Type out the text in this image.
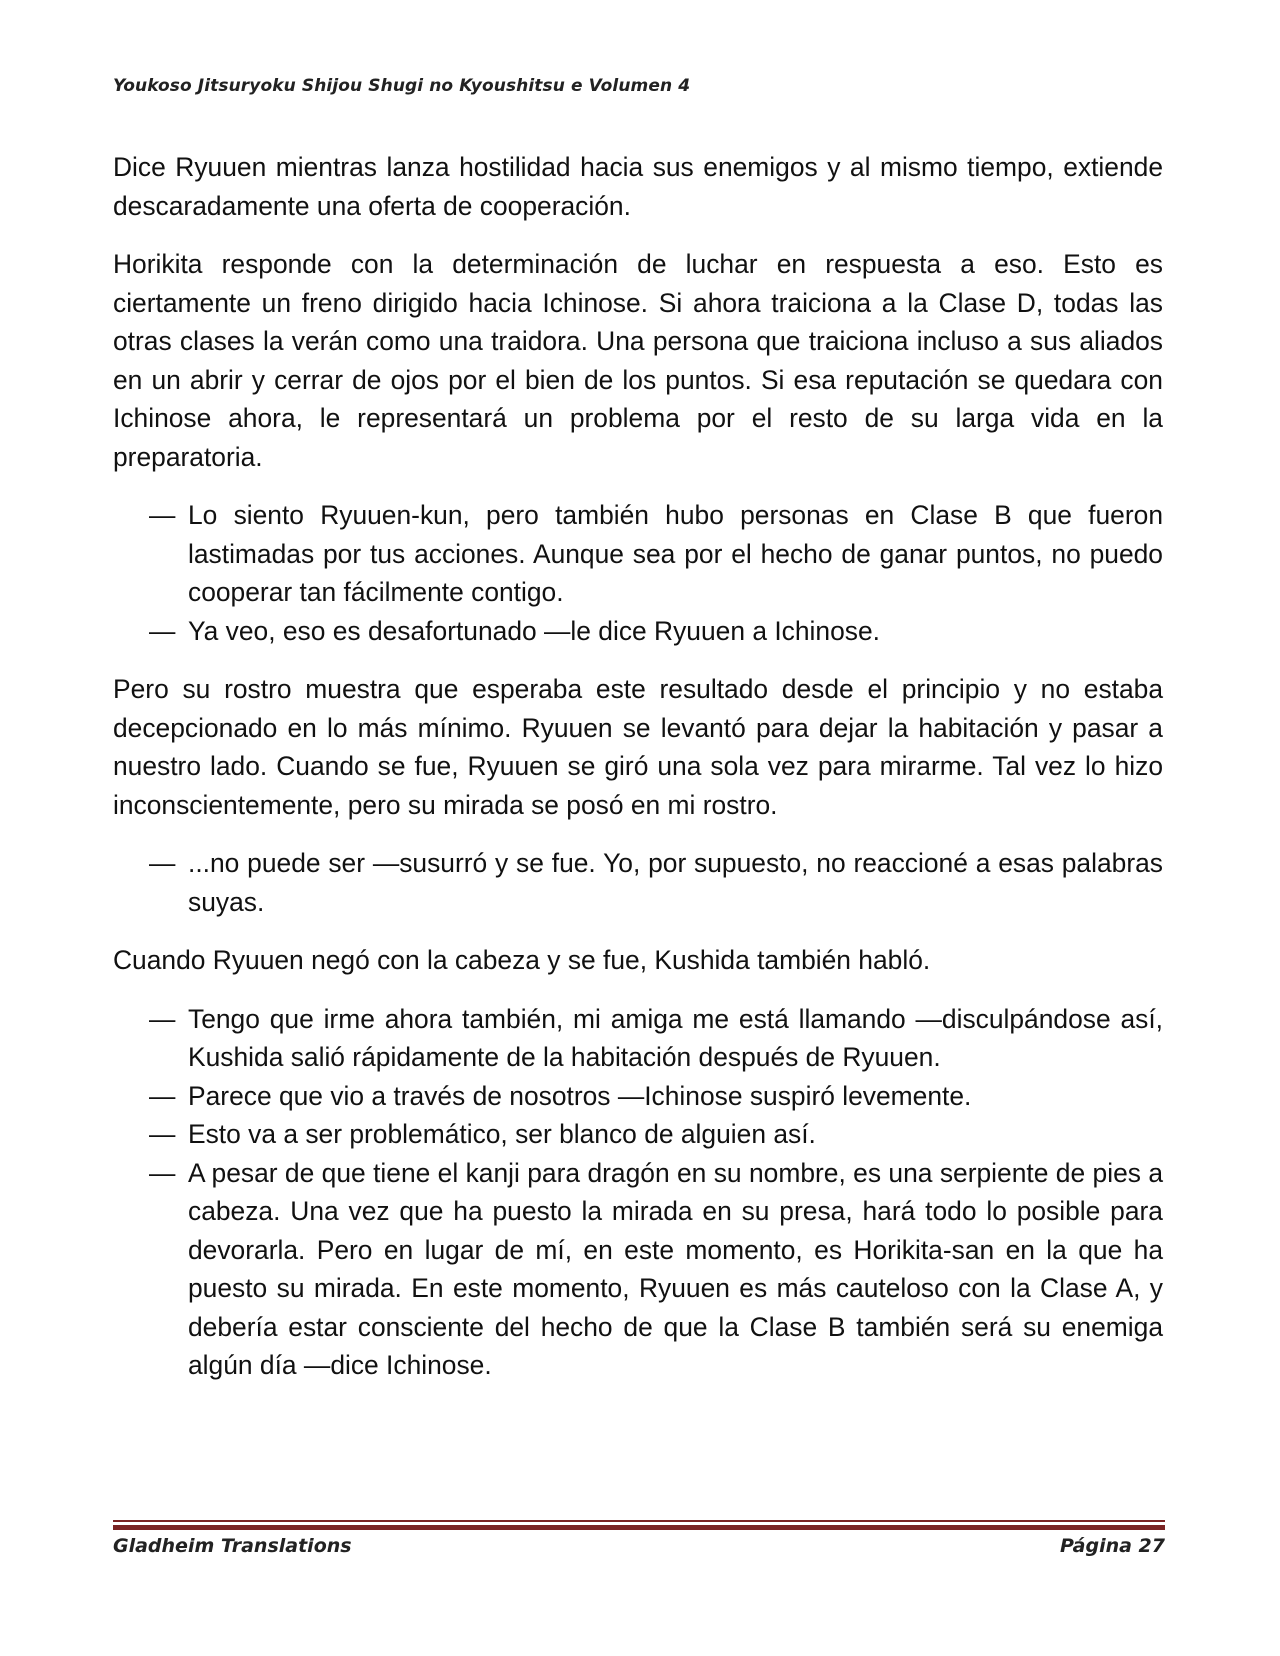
Youkoso Jitsuryoku Shijou Shugi no Kyoushitsu e Volumen 4

Dice Ryuuen mientras lanza hostilidad hacia sus enemigos y al mismo tiempo, extiende descaradamente una oferta de cooperación.

Horikita responde con la determinación de luchar en respuesta a eso. Esto es ciertamente un freno dirigido hacia Ichinose. Si ahora traiciona a la Clase D, todas las otras clases la verán como una traidora. Una persona que traiciona incluso a sus aliados en un abrir y cerrar de ojos por el bien de los puntos. Si esa reputación se quedara con Ichinose ahora, le representará un problema por el resto de su larga vida en la preparatoria.

—
Lo siento Ryuuen-kun, pero también hubo personas en Clase B que fueron lastimadas por tus acciones. Aunque sea por el hecho de ganar puntos, no puedo cooperar tan fácilmente contigo.

—
Ya veo, eso es desafortunado —le dice Ryuuen a Ichinose.

Pero su rostro muestra que esperaba este resultado desde el principio y no estaba decepcionado en lo más mínimo. Ryuuen se levantó para dejar la habitación y pasar a nuestro lado. Cuando se fue, Ryuuen se giró una sola vez para mirarme. Tal vez lo hizo inconscientemente, pero su mirada se posó en mi rostro.

—
...no puede ser —susurró y se fue. Yo, por supuesto, no reaccioné a esas palabras suyas.

Cuando Ryuuen negó con la cabeza y se fue, Kushida también habló.

—
Tengo que irme ahora también, mi amiga me está llamando —disculpándose así, Kushida salió rápidamente de la habitación después de Ryuuen.

—
Parece que vio a través de nosotros —Ichinose suspiró levemente.

—
Esto va a ser problemático, ser blanco de alguien así.

—
A pesar de que tiene el kanji para dragón en su nombre, es una serpiente de pies a cabeza. Una vez que ha puesto la mirada en su presa, hará todo lo posible para devorarla. Pero en lugar de mí, en este momento, es Horikita-san en la que ha puesto su mirada. En este momento, Ryuuen es más cauteloso con la Clase A, y debería estar consciente del hecho de que la Clase B también será su enemiga algún día —dice Ichinose.

Gladheim Translations	Página 27
